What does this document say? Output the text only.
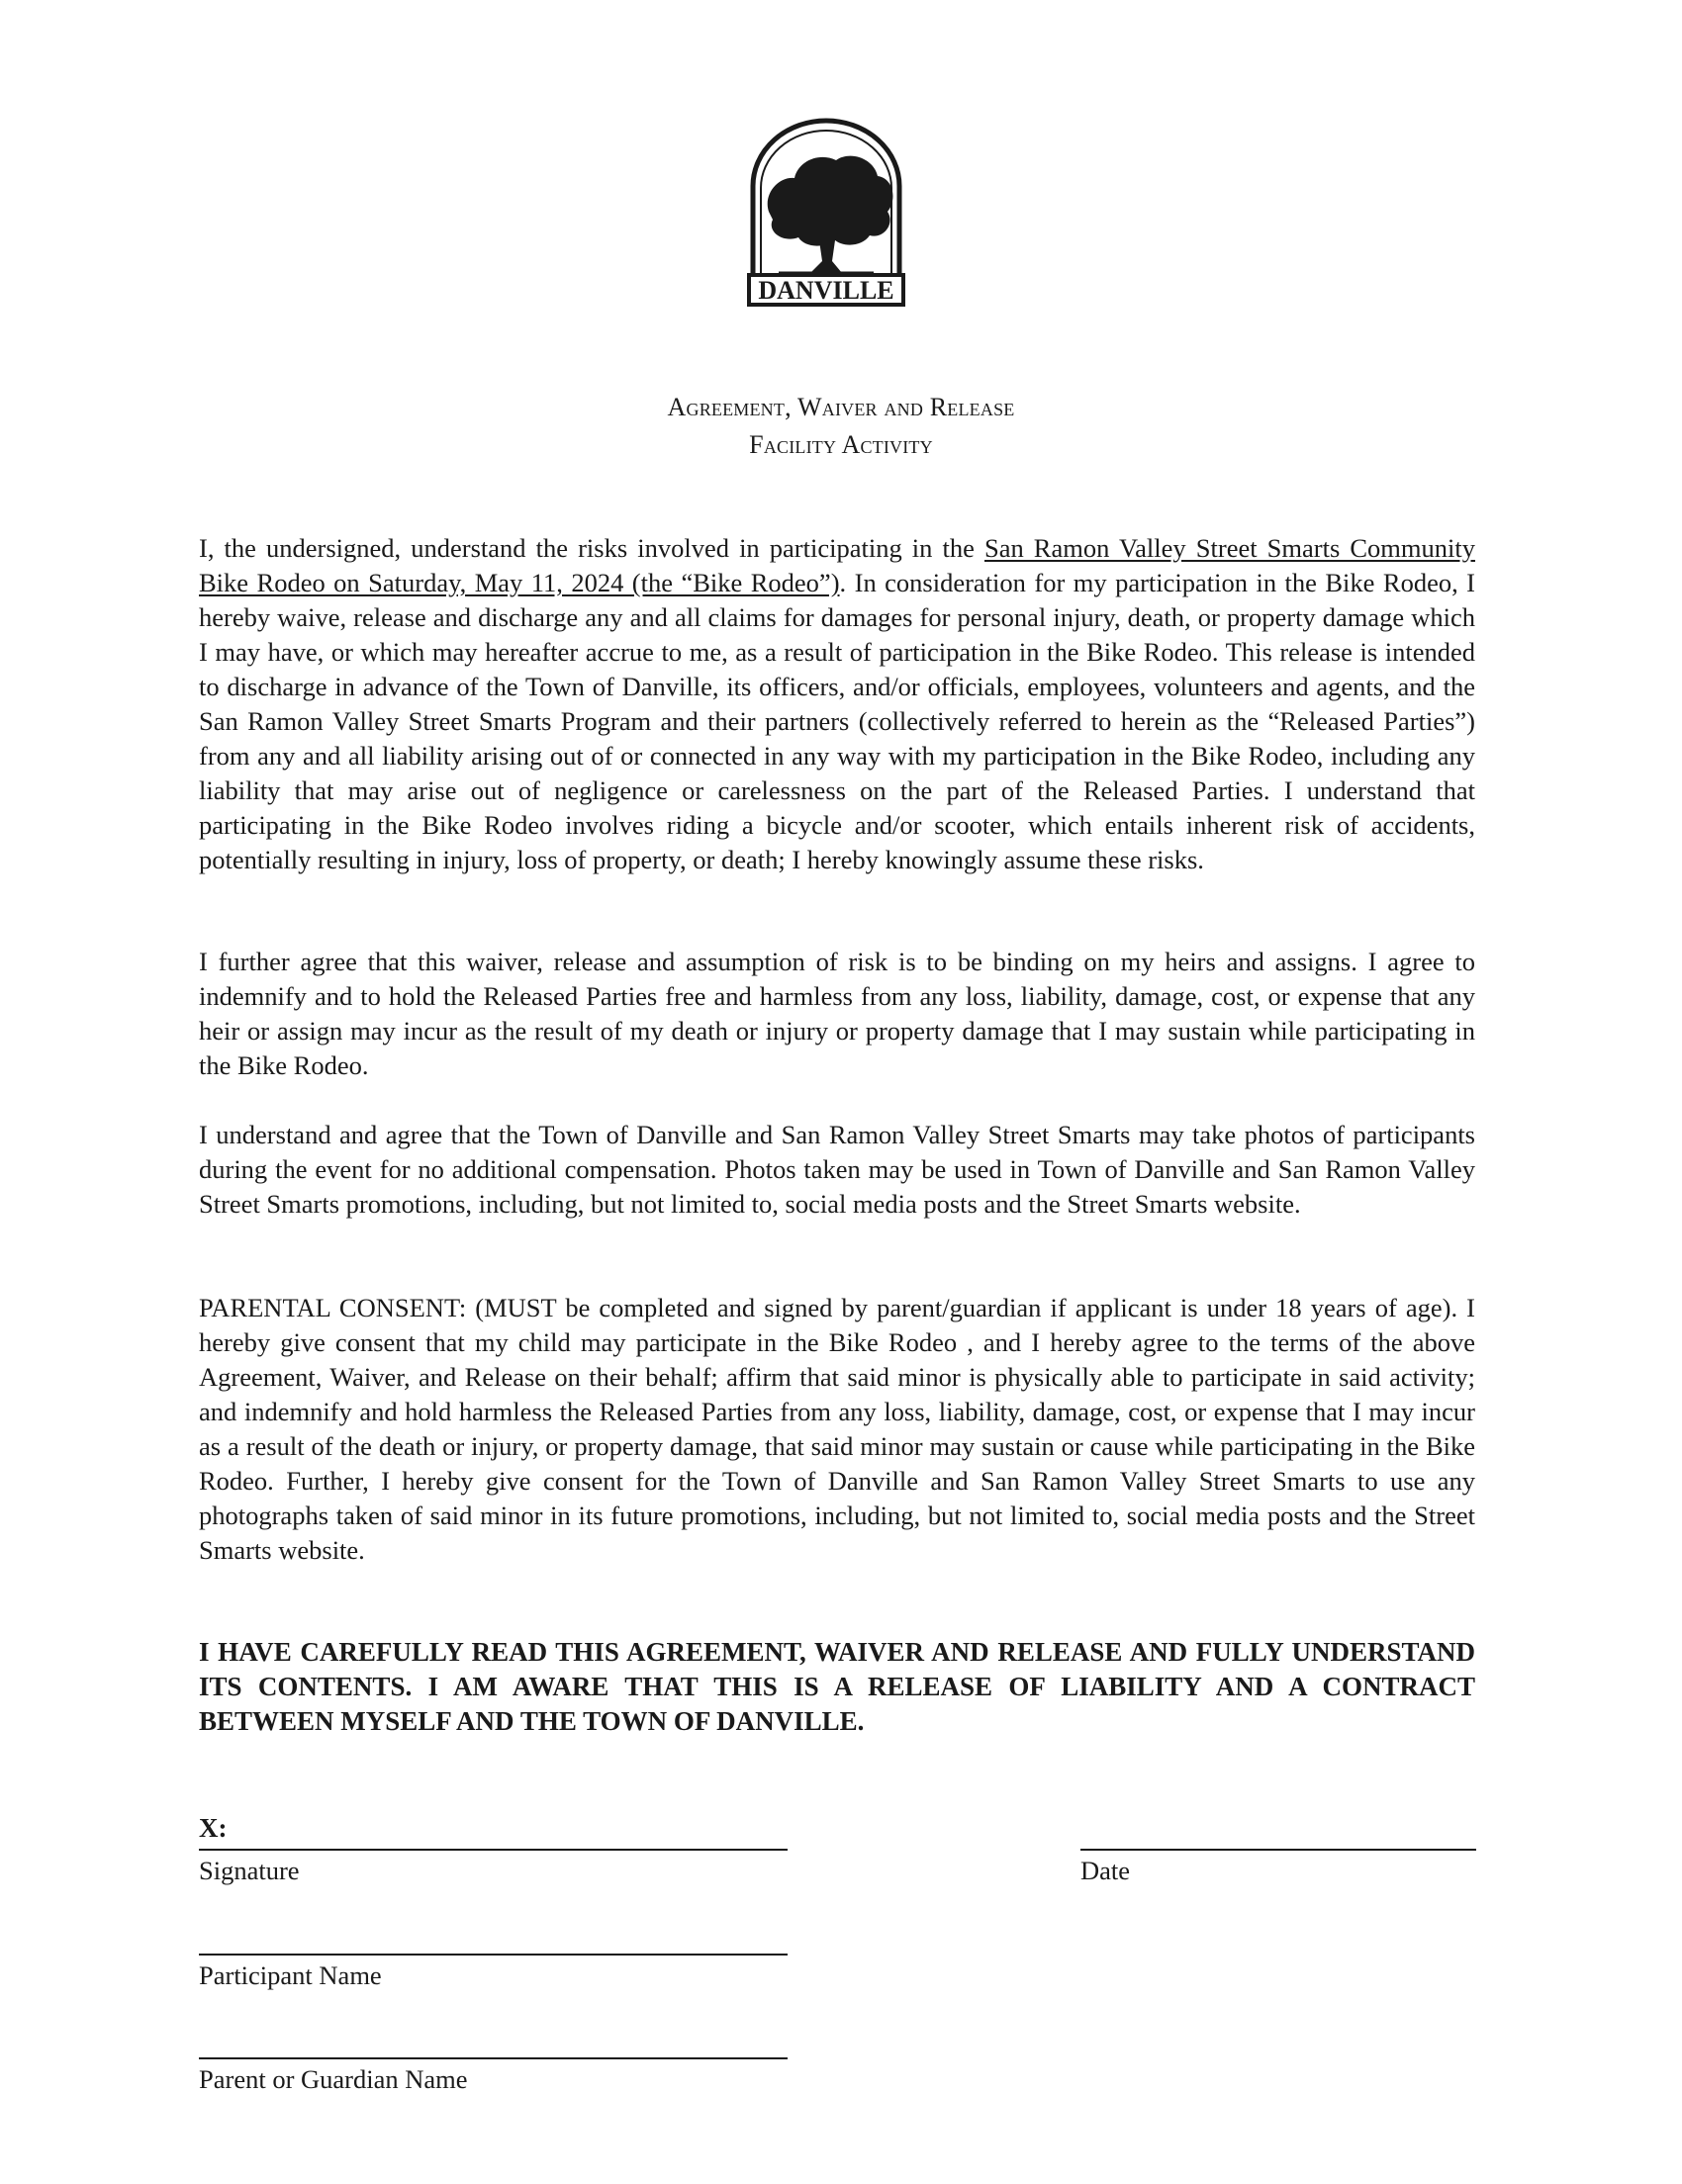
DANVILLE
Agreement, Waiver and Release
Facility Activity
I, the undersigned, understand the risks involved in participating in the San Ramon Valley Street Smarts Community Bike Rodeo on Saturday, May 11, 2024 (the “Bike Rodeo”). In consideration for my participation in the Bike Rodeo, I hereby waive, release and discharge any and all claims for damages for personal injury, death, or property damage which I may have, or which may hereafter accrue to me, as a result of participation in the Bike Rodeo. This release is intended to discharge in advance of the Town of Danville, its officers, and/or officials, employees, volunteers and agents, and the San Ramon Valley Street Smarts Program and their partners (collectively referred to herein as the “Released Parties”) from any and all liability arising out of or connected in any way with my participation in the Bike Rodeo, including any liability that may arise out of negligence or carelessness on the part of the Released Parties. I understand that participating in the Bike Rodeo involves riding a bicycle and/or scooter, which entails inherent risk of accidents, potentially resulting in injury, loss of property, or death; I hereby knowingly assume these risks.
I further agree that this waiver, release and assumption of risk is to be binding on my heirs and assigns. I agree to indemnify and to hold the Released Parties free and harmless from any loss, liability, damage, cost, or expense that any heir or assign may incur as the result of my death or injury or property damage that I may sustain while participating in the Bike Rodeo.
I understand and agree that the Town of Danville and San Ramon Valley Street Smarts may take photos of participants during the event for no additional compensation. Photos taken may be used in Town of Danville and San Ramon Valley Street Smarts promotions, including, but not limited to, social media posts and the Street Smarts website.
PARENTAL CONSENT: (MUST be completed and signed by parent/guardian if applicant is under 18 years of age). I hereby give consent that my child may participate in the Bike Rodeo , and I hereby agree to the terms of the above Agreement, Waiver, and Release on their behalf; affirm that said minor is physically able to participate in said activity; and indemnify and hold harmless the Released Parties from any loss, liability, damage, cost, or expense that I may incur as a result of the death or injury, or property damage, that said minor may sustain or cause while participating in the Bike Rodeo. Further, I hereby give consent for the Town of Danville and San Ramon Valley Street Smarts to use any photographs taken of said minor in its future promotions, including, but not limited to, social media posts and the Street Smarts website.
I HAVE CAREFULLY READ THIS AGREEMENT, WAIVER AND RELEASE AND FULLY UNDERSTAND ITS CONTENTS. I AM AWARE THAT THIS IS A RELEASE OF LIABILITY AND A CONTRACT BETWEEN MYSELF AND THE TOWN OF DANVILLE.
X:
Signature	Date
Participant Name
Parent or Guardian Name
